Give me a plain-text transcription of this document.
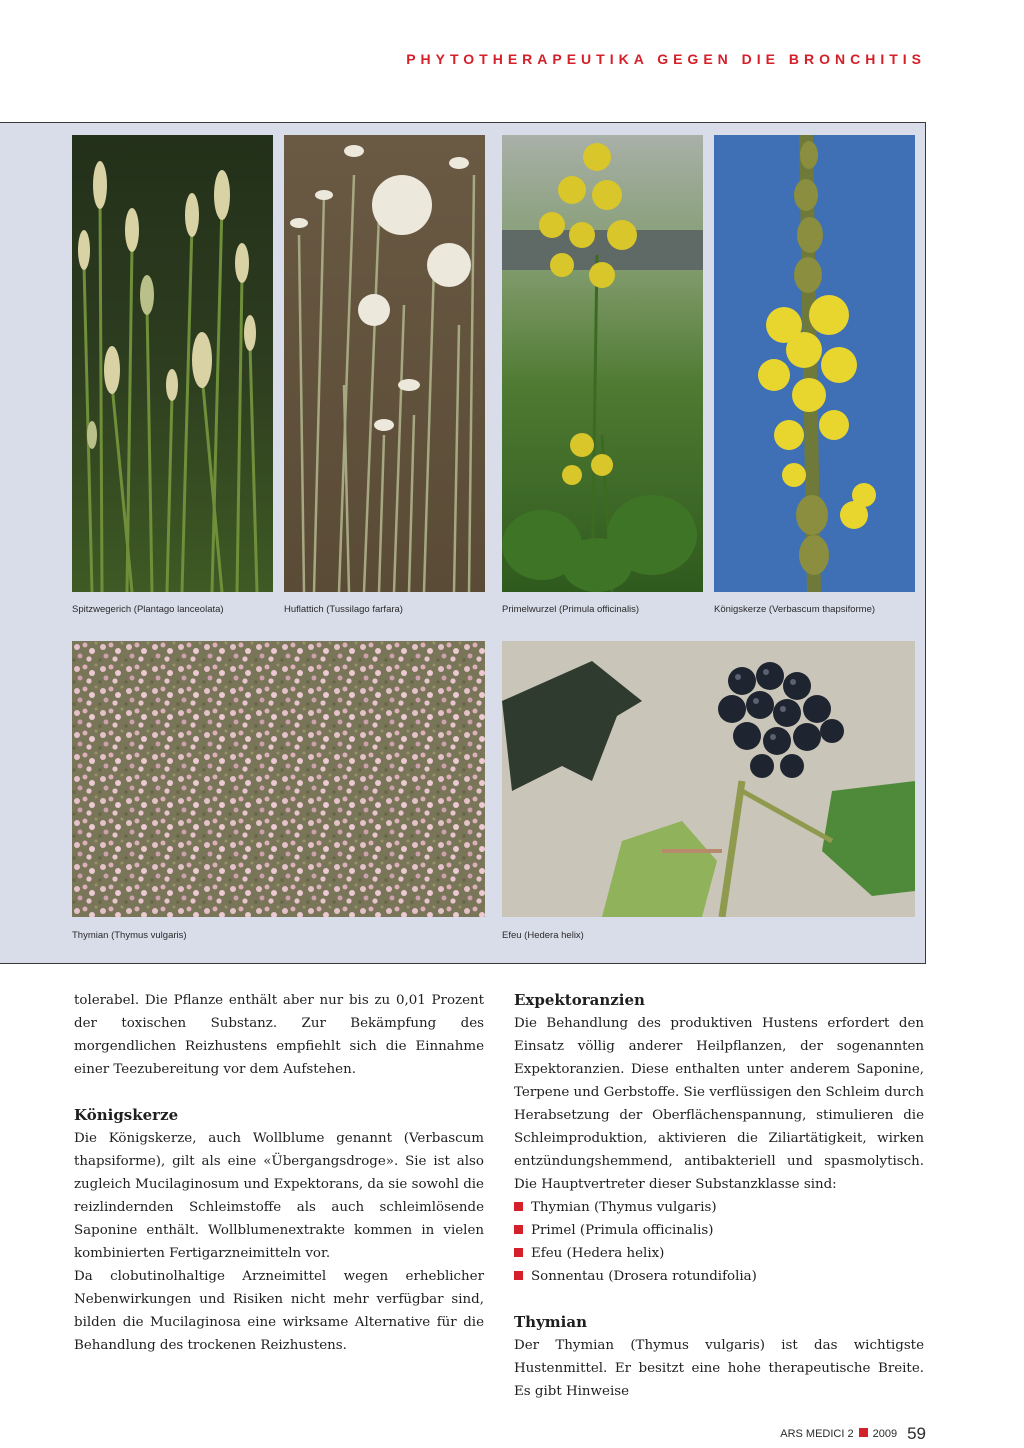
PHYTOTHERAPEUTIKA GEGEN DIE BRONCHITIS
Spitzwegerich (Plantago lanceolata)	Huflattich (Tussilago farfara)	Primelwurzel (Primula officinalis)	Königskerze (Verbascum thapsiforme)
Thymian (Thymus vulgaris)	Efeu (Hedera helix)

tolerabel. Die Pflanze enthält aber nur bis zu 0,01 Prozent der toxischen Substanz. Zur Bekämpfung des morgendlichen Reizhustens empfiehlt sich die Einnahme einer Teezubereitung vor dem Aufstehen.

Königskerze

Die Königskerze, auch Wollblume genannt (Verbascum thapsiforme), gilt als eine «Übergangsdroge». Sie ist also zugleich Mucilaginosum und Expektorans, da sie sowohl die reizlindernden Schleimstoffe als auch schleimlösende Saponine enthält. Wollblumenextrakte kommen in vielen kombinierten Fertigarzneimitteln vor.

Da clobutinolhaltige Arzneimittel wegen erheblicher Nebenwirkungen und Risiken nicht mehr verfügbar sind, bilden die Mucilaginosa eine wirksame Alternative für die Behandlung des trockenen Reizhustens.

Expektoranzien

Die Behandlung des produktiven Hustens erfordert den Einsatz völlig anderer Heilpflanzen, der sogenannten Expektoranzien. Diese enthalten unter anderem Saponine, Terpene und Gerbstoffe. Sie verflüssigen den Schleim durch Herabsetzung der Oberflächenspannung, stimulieren die Schleimproduktion, aktivieren die Ziliartätigkeit, wirken entzündungshemmend, antibakteriell und spasmolytisch. Die Hauptvertreter dieser Substanzklasse sind:

Thymian (Thymus vulgaris)
Primel (Primula officinalis)
Efeu (Hedera helix)
Sonnentau (Drosera rotundifolia)
Thymian

Der Thymian (Thymus vulgaris) ist das wichtigste Hustenmittel. Er besitzt eine hohe therapeutische Breite. Es gibt Hinweise

ARS MEDICI 2 2009 59
